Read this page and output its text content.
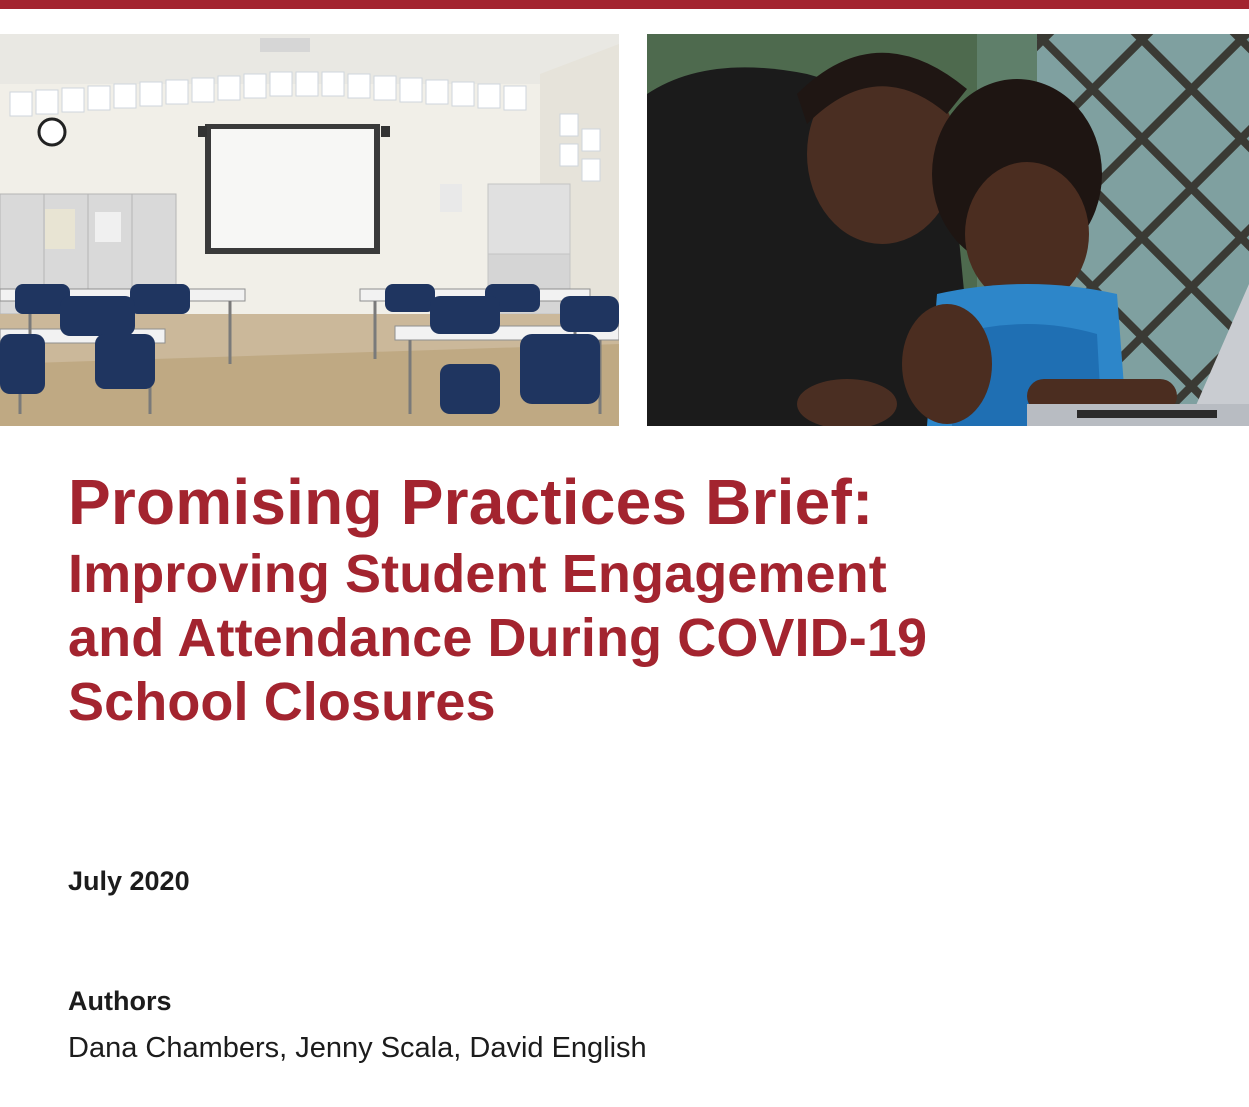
Promising Practices Brief:
Improving Student Engagement
and Attendance During COVID-19
School Closures
July 2020
Authors
Dana Chambers, Jenny Scala, David English
